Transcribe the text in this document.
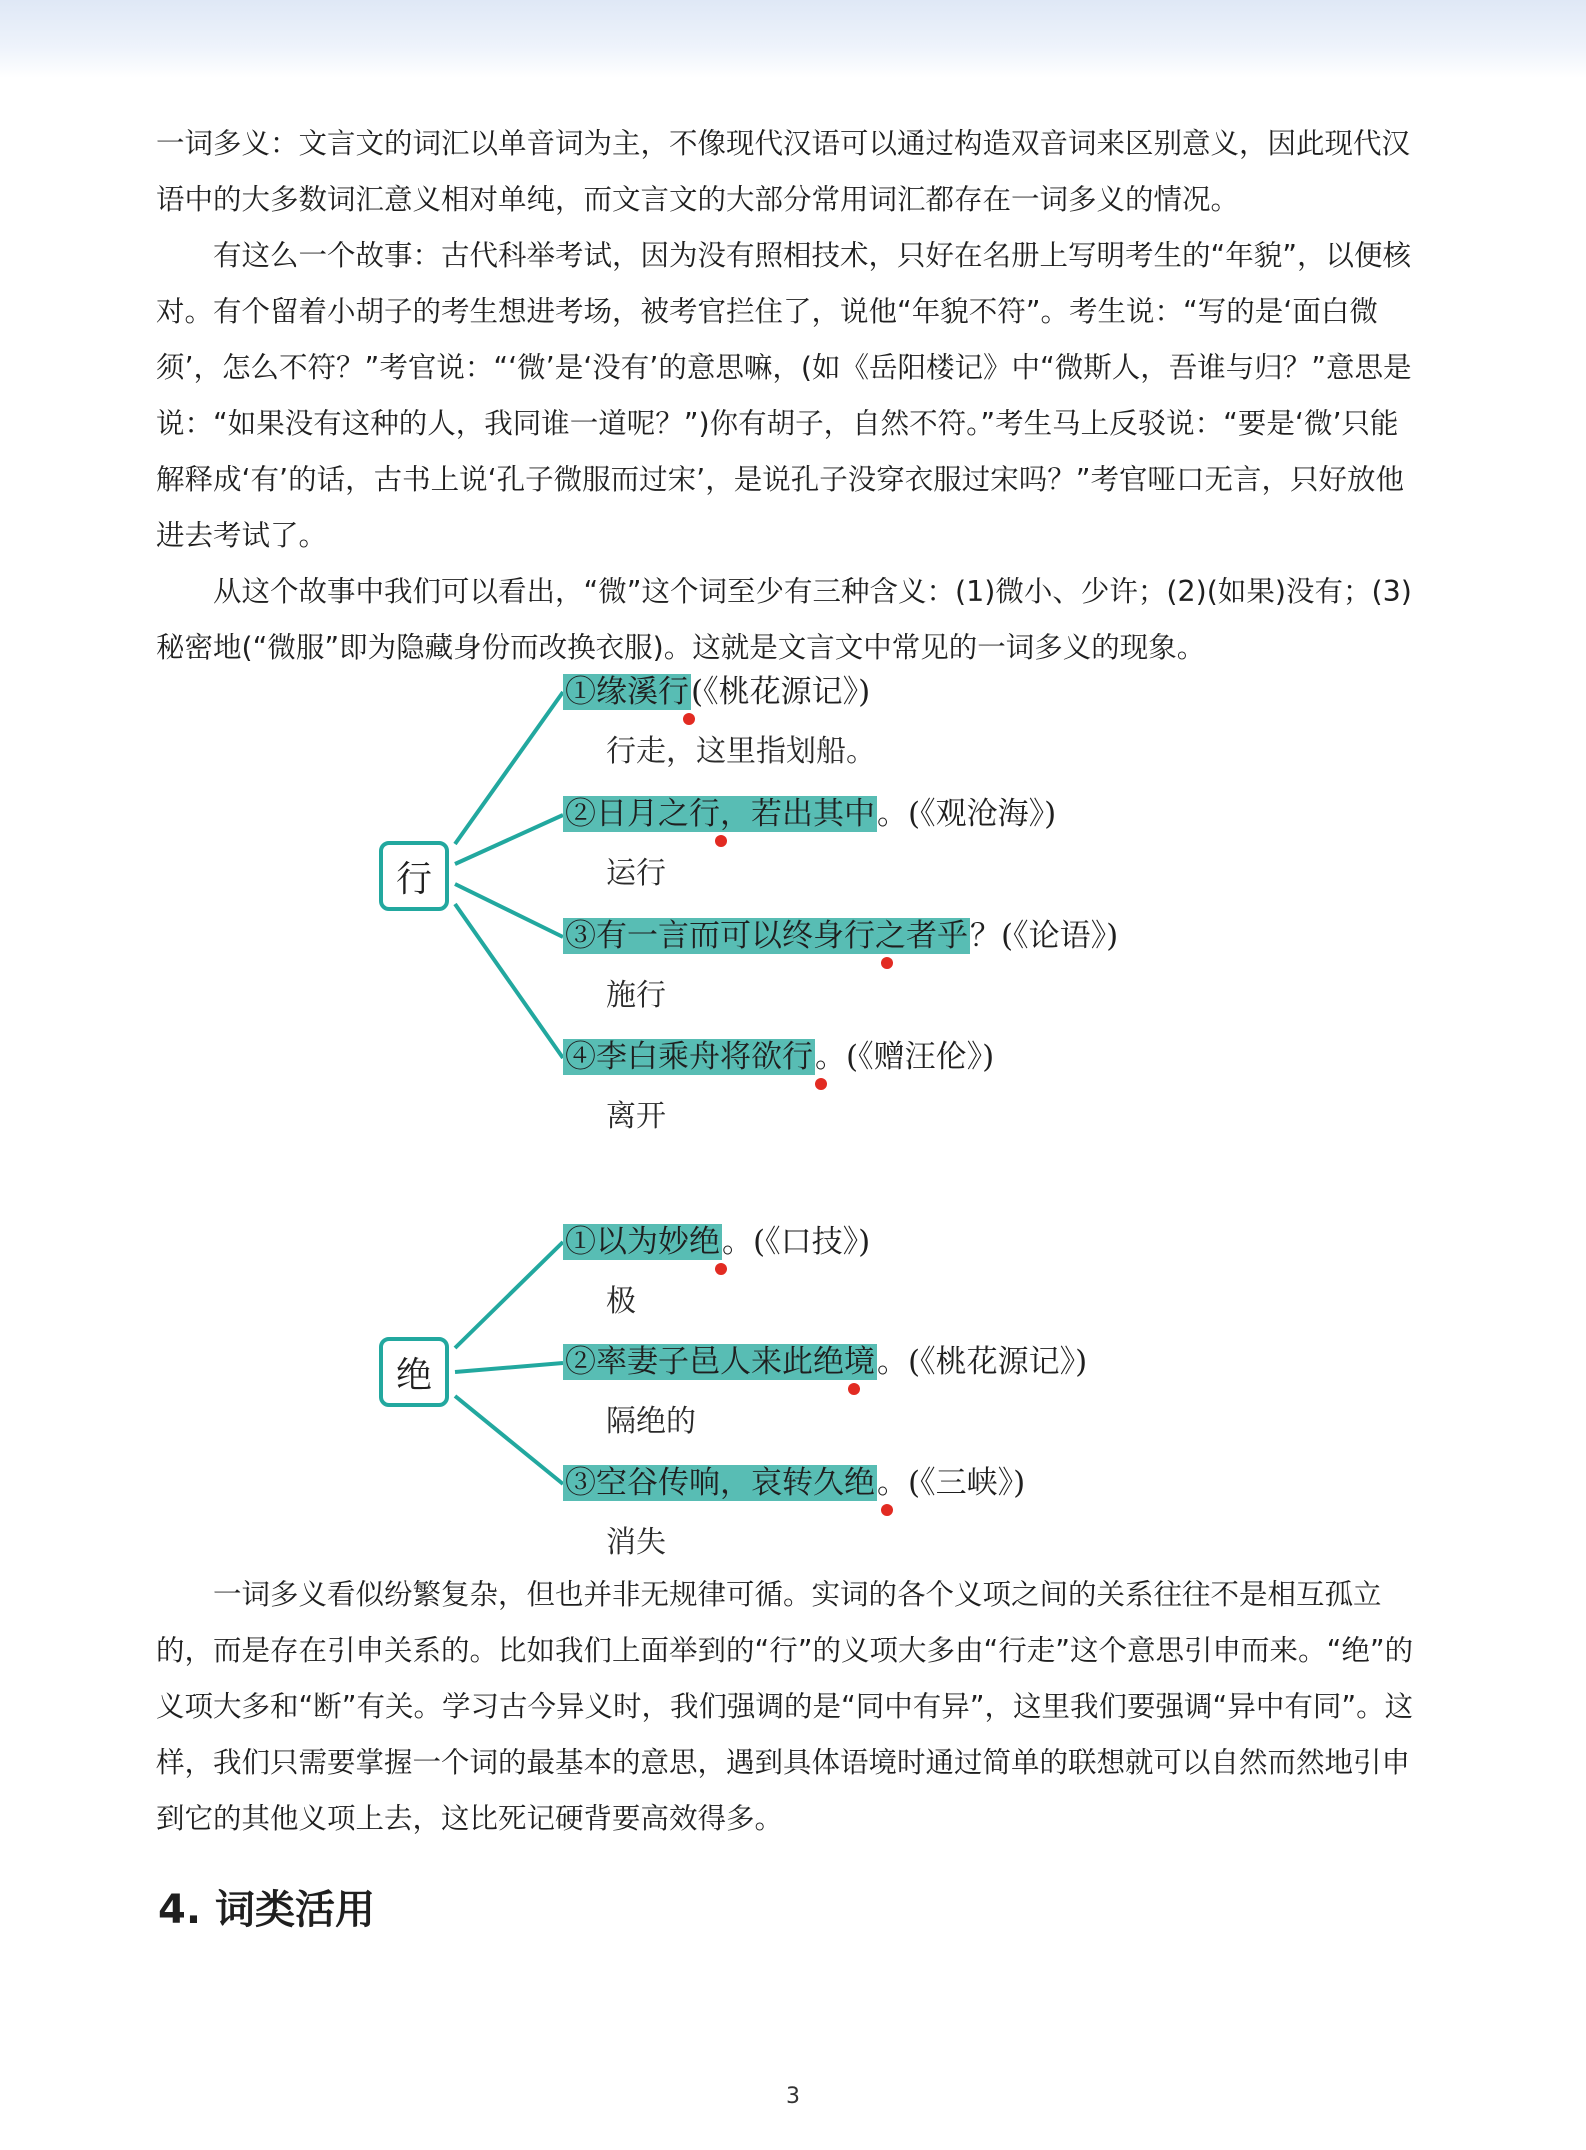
一词多义：文言文的词汇以单音词为主，不像现代汉语可以通过构造双音词来区别意义，因此现代汉语中的大多数词汇意义相对单纯，而文言文的大部分常用词汇都存在一词多义的情况。

有这么一个故事：古代科举考试，因为没有照相技术，只好在名册上写明考生的“年貌”，以便核对。有个留着小胡子的考生想进考场，被考官拦住了，说他“年貌不符”。考生说：“写的是‘面白微须’，怎么不符？”考官说：“‘微’是‘没有’的意思嘛，(如《岳阳楼记》中“微斯人，吾谁与归？”意思是说：“如果没有这种的人，我同谁一道呢？”)你有胡子，自然不符。”考生马上反驳说：“要是‘微’只能解释成‘有’的话，古书上说‘孔子微服而过宋’，是说孔子没穿衣服过宋吗？”考官哑口无言，只好放他进去考试了。

从这个故事中我们可以看出，“微”这个词至少有三种含义：(1)微小、少许；(2)(如果)没有；(3)秘密地(“微服”即为隐藏身份而改换衣服)。这就是文言文中常见的一词多义的现象。

行
①缘溪行(《桃花源记》)
行走，这里指划船。
②日月之行，若出其中。(《观沧海》)
运行
③有一言而可以终身行之者乎？(《论语》)
施行
④李白乘舟将欲行。(《赠汪伦》)
离开
绝
①以为妙绝。(《口技》)
极
②率妻子邑人来此绝境。(《桃花源记》)
隔绝的
③空谷传响，哀转久绝。(《三峡》)
消失

一词多义看似纷繁复杂，但也并非无规律可循。实词的各个义项之间的关系往往不是相互孤立的，而是存在引申关系的。比如我们上面举到的“行”的义项大多由“行走”这个意思引申而来。“绝”的义项大多和“断”有关。学习古今异义时，我们强调的是“同中有异”，这里我们要强调“异中有同”。这样，我们只需要掌握一个词的最基本的意思，遇到具体语境时通过简单的联想就可以自然而然地引申到它的其他义项上去，这比死记硬背要高效得多。

4. 词类活用
3
